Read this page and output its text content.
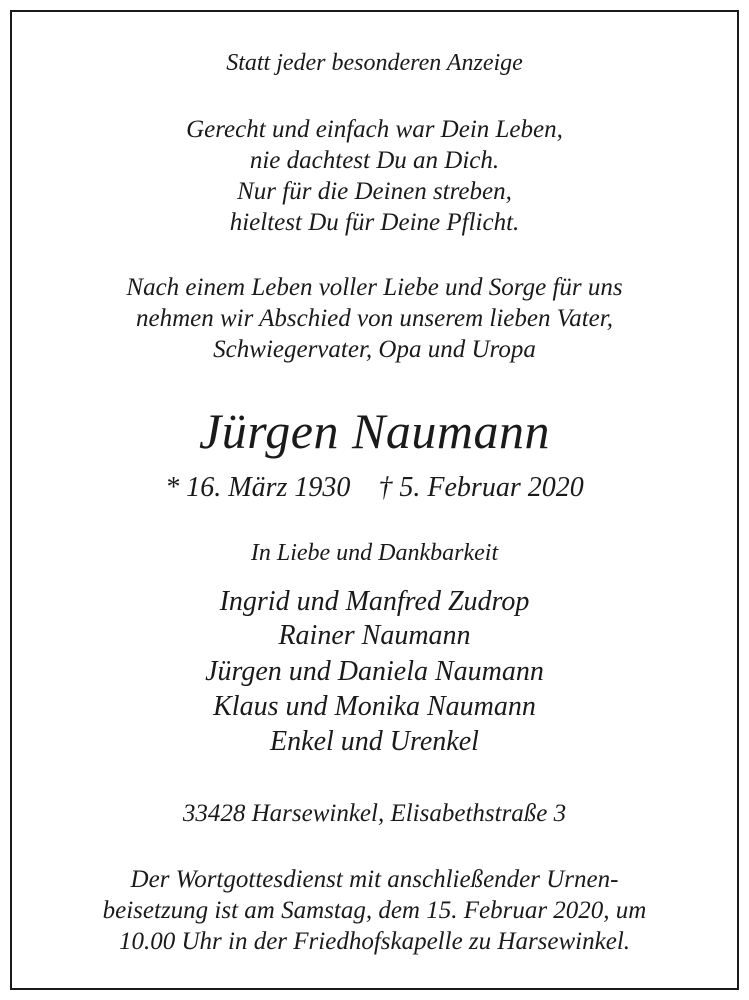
Statt jeder besonderen Anzeige
Gerecht und einfach war Dein Leben,
nie dachtest Du an Dich.
Nur für die Deinen streben,
hieltest Du für Deine Pflicht.
Nach einem Leben voller Liebe und Sorge für uns
nehmen wir Abschied von unserem lieben Vater,
Schwiegervater, Opa und Uropa
Jürgen Naumann
* 16. März 1930 † 5. Februar 2020
In Liebe und Dankbarkeit
Ingrid und Manfred Zudrop
Rainer Naumann
Jürgen und Daniela Naumann
Klaus und Monika Naumann
Enkel und Urenkel
33428 Harsewinkel, Elisabethstraße 3
Der Wortgottesdienst mit anschließender Urnen-
beisetzung ist am Samstag, dem 15. Februar 2020, um
10.00 Uhr in der Friedhofskapelle zu Harsewinkel.
